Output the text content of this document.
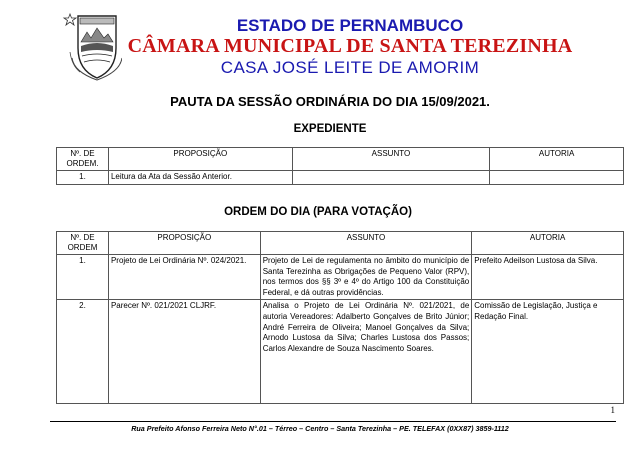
ESTADO DE PERNAMBUCO
CÂMARA MUNICIPAL DE SANTA TEREZINHA
CASA JOSÉ LEITE DE AMORIM
PAUTA DA SESSÃO ORDINÁRIA DO DIA 15/09/2021.
EXPEDIENTE
Nº. DE ORDEM.	PROPOSIÇÃO	ASSUNTO	AUTORIA
1.	Leitura da Ata da Sessão Anterior.		
ORDEM DO DIA (PARA VOTAÇÃO)
Nº. DE ORDEM	PROPOSIÇÃO	ASSUNTO	AUTORIA
1.	Projeto de Lei Ordinária Nº. 024/2021.	Projeto de Lei de regulamenta no âmbito do município de Santa Terezinha as Obrigações de Pequeno Valor (RPV), nos termos dos §§ 3º e 4º do Artigo 100 da Constituição Federal, e dá outras providências.	Prefeito Adeilson Lustosa da Silva.
2.	Parecer Nº. 021/2021 CLJRF.	Analisa o Projeto de Lei Ordinária Nº. 021/2021, de autoria Vereadores: Adalberto Gonçalves de Brito Júnior; André Ferreira de Oliveira; Manoel Gonçalves da Silva; Arnodo Lustosa da Silva; Charles Lustosa dos Passos; Carlos Alexandre de Souza Nascimento Soares.	Comissão de Legislação, Justiça e Redação Final.
1
Rua Prefeito Afonso Ferreira Neto N°.01 – Térreo – Centro – Santa Terezinha – PE. TELEFAX (0XX87) 3859-1112
